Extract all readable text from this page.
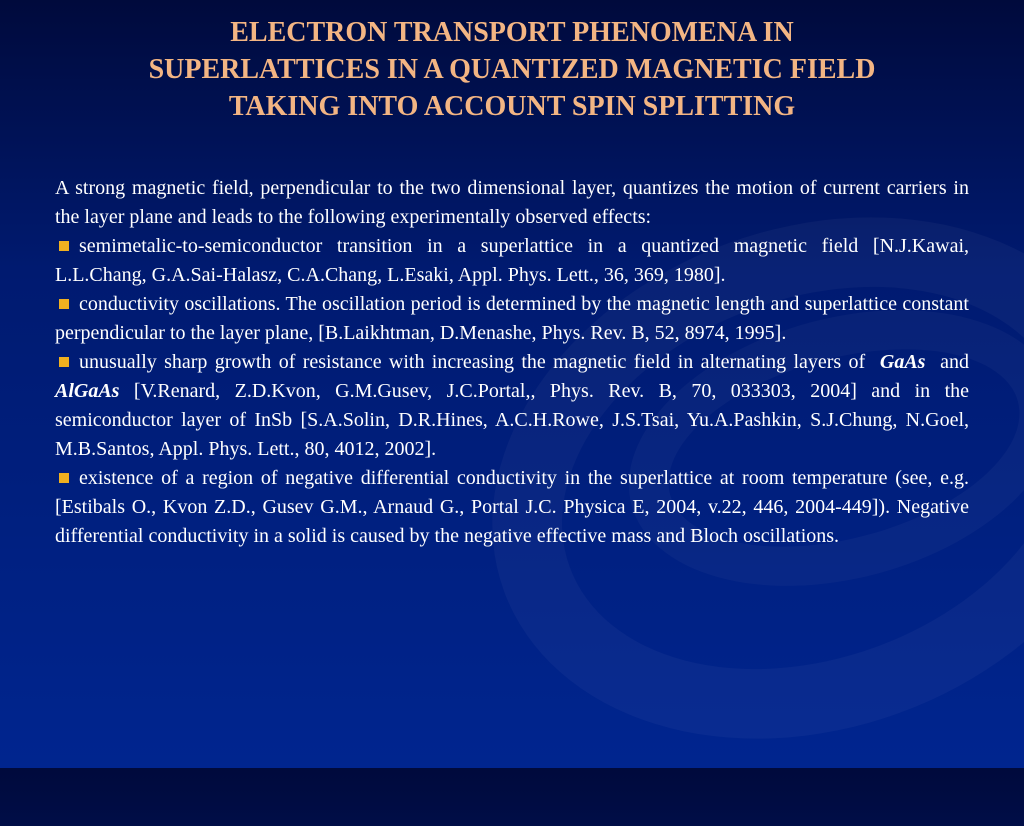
ELECTRON TRANSPORT PHENOMENA IN
SUPERLATTICES IN A QUANTIZED MAGNETIC FIELD
TAKING INTO ACCOUNT SPIN SPLITTING

A strong magnetic field, perpendicular to the two dimensional layer, quantizes the motion of current carriers in the layer plane and leads to the following experimentally observed effects:

semimetalic-to-semiconductor transition in a superlattice in a quantized magnetic field [N.J.Kawai, L.L.Chang, G.A.Sai-Halasz, C.A.Chang, L.Esaki, Appl. Phys. Lett., 36, 369, 1980].

conductivity oscillations. The oscillation period is determined by the magnetic length and superlattice constant perpendicular to the layer plane, [B.Laikhtman, D.Menashe, Phys. Rev. B, 52, 8974, 1995].

unusually sharp growth of resistance with increasing the magnetic field in alternating layers of GaAs and AlGaAs [V.Renard, Z.D.Kvon, G.M.Gusev, J.C.Portal,, Phys. Rev. B, 70, 033303, 2004] and in the semiconductor layer of InSb [S.A.Solin, D.R.Hines, A.C.H.Rowe, J.S.Tsai, Yu.A.Pashkin, S.J.Chung, N.Goel, M.B.Santos, Appl. Phys. Lett., 80, 4012, 2002].

existence of a region of negative differential conductivity in the superlattice at room temperature (see, e.g. [Estibals O., Kvon Z.D., Gusev G.M., Arnaud G., Portal J.C. Physica E, 2004, v.22, 446, 2004-449]). Negative differential conductivity in a solid is caused by the negative effective mass and Bloch oscillations.
